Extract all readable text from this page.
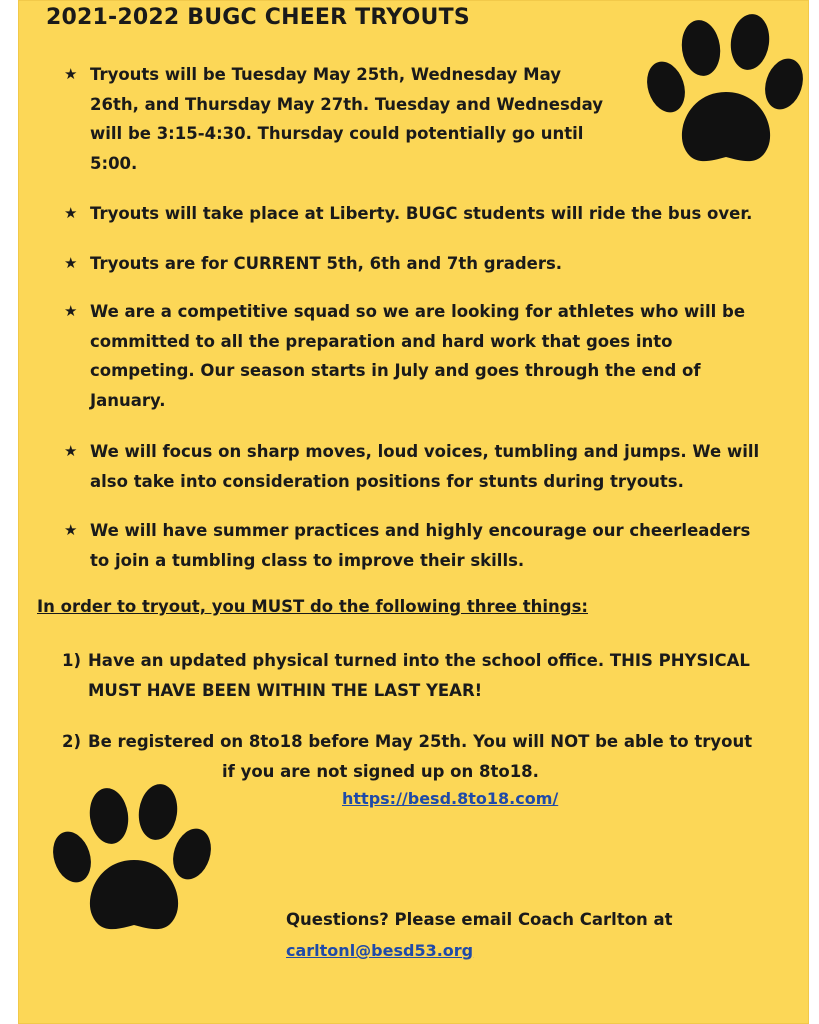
2021-2022 BUGC CHEER TRYOUTS
★ Tryouts will be Tuesday May 25th, Wednesday May
26th, and Thursday May 27th. Tuesday and Wednesday
will be 3:15-4:30. Thursday could potentially go until
5:00.
★ Tryouts will take place at Liberty. BUGC students will ride the bus over.
★ Tryouts are for CURRENT 5th, 6th and 7th graders.
★ We are a competitive squad so we are looking for athletes who will be
committed to all the preparation and hard work that goes into
competing. Our season starts in July and goes through the end of
January.
★ We will focus on sharp moves, loud voices, tumbling and jumps. We will
also take into consideration positions for stunts during tryouts.
★ We will have summer practices and highly encourage our cheerleaders
to join a tumbling class to improve their skills.
In order to tryout, you MUST do the following three things:
1) Have an updated physical turned into the school office. THIS PHYSICAL
MUST HAVE BEEN WITHIN THE LAST YEAR!
2) Be registered on 8to18 before May 25th. You will NOT be able to tryout
if you are not signed up on 8to18.
https://besd.8to18.com/
Questions? Please email Coach Carlton at
carltonl@besd53.org
